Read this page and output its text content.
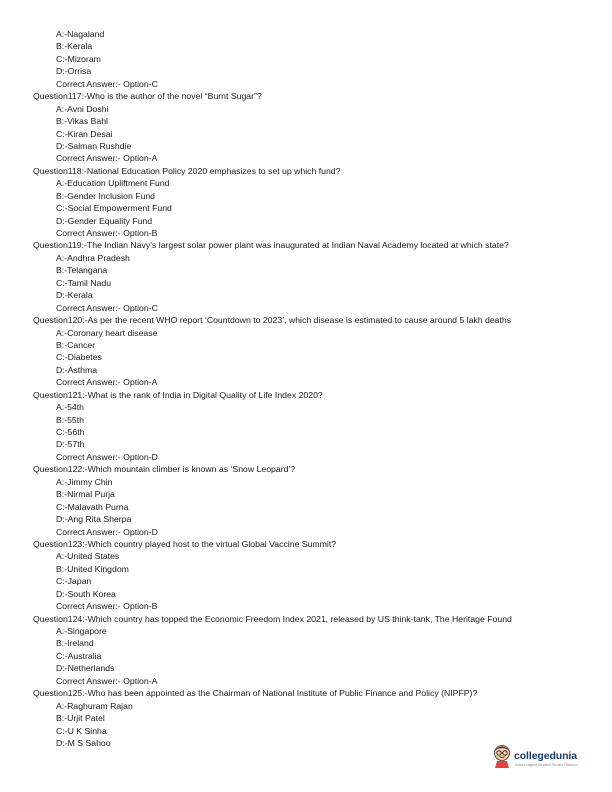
A:-Nagaland
B:-Kerala
C:-Mizoram
D:-Orrisa
Correct Answer:- Option-C
Question117:-Who is the author of the novel “Burnt Sugar”?
A:-Avni Doshi
B:-Vikas Bahl
C:-Kiran Desai
D:-Salman Rushdie
Correct Answer:- Option-A
Question118:-National Education Policy 2020 emphasizes to set up which fund?
A:-Education Upliftment Fund
B:-Gender Inclusion Fund
C:-Social Empowerment Fund
D:-Gender Equality Fund
Correct Answer:- Option-B
Question119:-The Indian Navy’s largest solar power plant was inaugurated at Indian Naval Academy located at which state?
A:-Andhra Pradesh
B:-Telangana
C:-Tamil Nadu
D:-Kerala
Correct Answer:- Option-C
Question120:-As per the recent WHO report ‘Countdown to 2023’, which disease is estimated to cause around 5 lakh deaths
A:-Coronary heart disease
B:-Cancer
C:-Diabetes
D:-Asthma
Correct Answer:- Option-A
Question121:-What is the rank of India in Digital Quality of Life Index 2020?
A:-54th
B:-55th
C:-56th
D:-57th
Correct Answer:- Option-D
Question122:-Which mountain climber is known as ‘Snow Leopard’?
A:-Jimmy Chin
B:-Nirmal Purja
C:-Malavath Purna
D:-Ang Rita Sherpa
Correct Answer:- Option-D
Question123:-Which country played host to the virtual Global Vaccine Summit?
A:-United States
B:-United Kingdom
C:-Japan
D:-South Korea
Correct Answer:- Option-B
Question124:-Which country has topped the Economic Freedom Index 2021, released by US think-tank, The Heritage Found
A:-Singapore
B:-Ireland
C:-Australia
D:-Netherlands
Correct Answer:- Option-A
Question125:-Who has been appointed as the Chairman of National Institute of Public Finance and Policy (NIPFP)?
A:-Raghuram Rajan
B:-Urjit Patel
C:-U K Sinha
D:-M S Sahoo
collegedunia
India's largest Student Review Platform
